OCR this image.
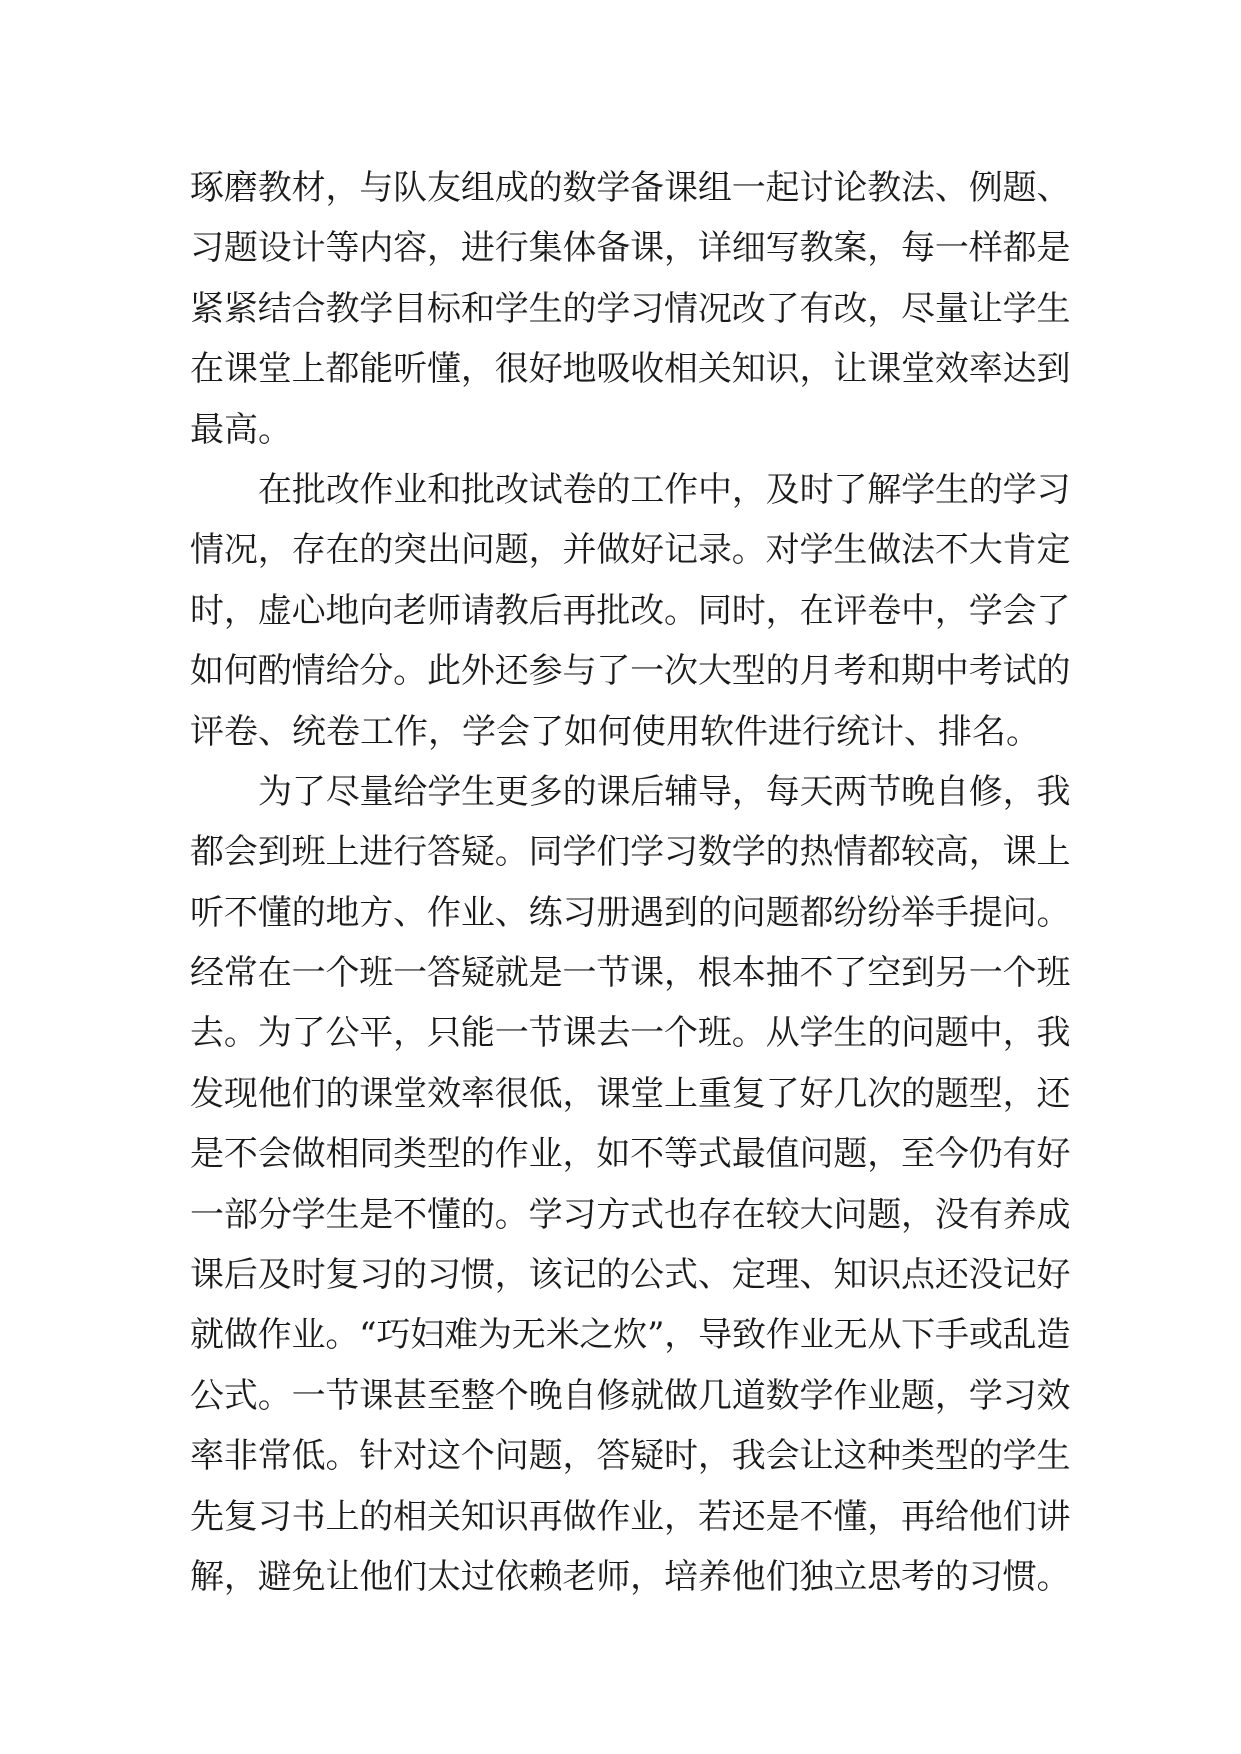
琢磨教材，与队友组成的数学备课组一起讨论教法、例题、
习题设计等内容，进行集体备课，详细写教案，每一样都是
紧紧结合教学目标和学生的学习情况改了有改，尽量让学生
在课堂上都能听懂，很好地吸收相关知识，让课堂效率达到
最高。
在批改作业和批改试卷的工作中，及时了解学生的学习
情况，存在的突出问题，并做好记录。对学生做法不大肯定
时，虚心地向老师请教后再批改。同时，在评卷中，学会了
如何酌情给分。此外还参与了一次大型的月考和期中考试的
评卷、统卷工作，学会了如何使用软件进行统计、排名。
为了尽量给学生更多的课后辅导，每天两节晚自修，我
都会到班上进行答疑。同学们学习数学的热情都较高，课上
听不懂的地方、作业、练习册遇到的问题都纷纷举手提问。
经常在一个班一答疑就是一节课，根本抽不了空到另一个班
去。为了公平，只能一节课去一个班。从学生的问题中，我
发现他们的课堂效率很低，课堂上重复了好几次的题型，还
是不会做相同类型的作业，如不等式最值问题，至今仍有好
一部分学生是不懂的。学习方式也存在较大问题，没有养成
课后及时复习的习惯，该记的公式、定理、知识点还没记好
就做作业。“巧妇难为无米之炊”，导致作业无从下手或乱造
公式。一节课甚至整个晚自修就做几道数学作业题，学习效
率非常低。针对这个问题，答疑时，我会让这种类型的学生
先复习书上的相关知识再做作业，若还是不懂，再给他们讲
解，避免让他们太过依赖老师，培养他们独立思考的习惯。
